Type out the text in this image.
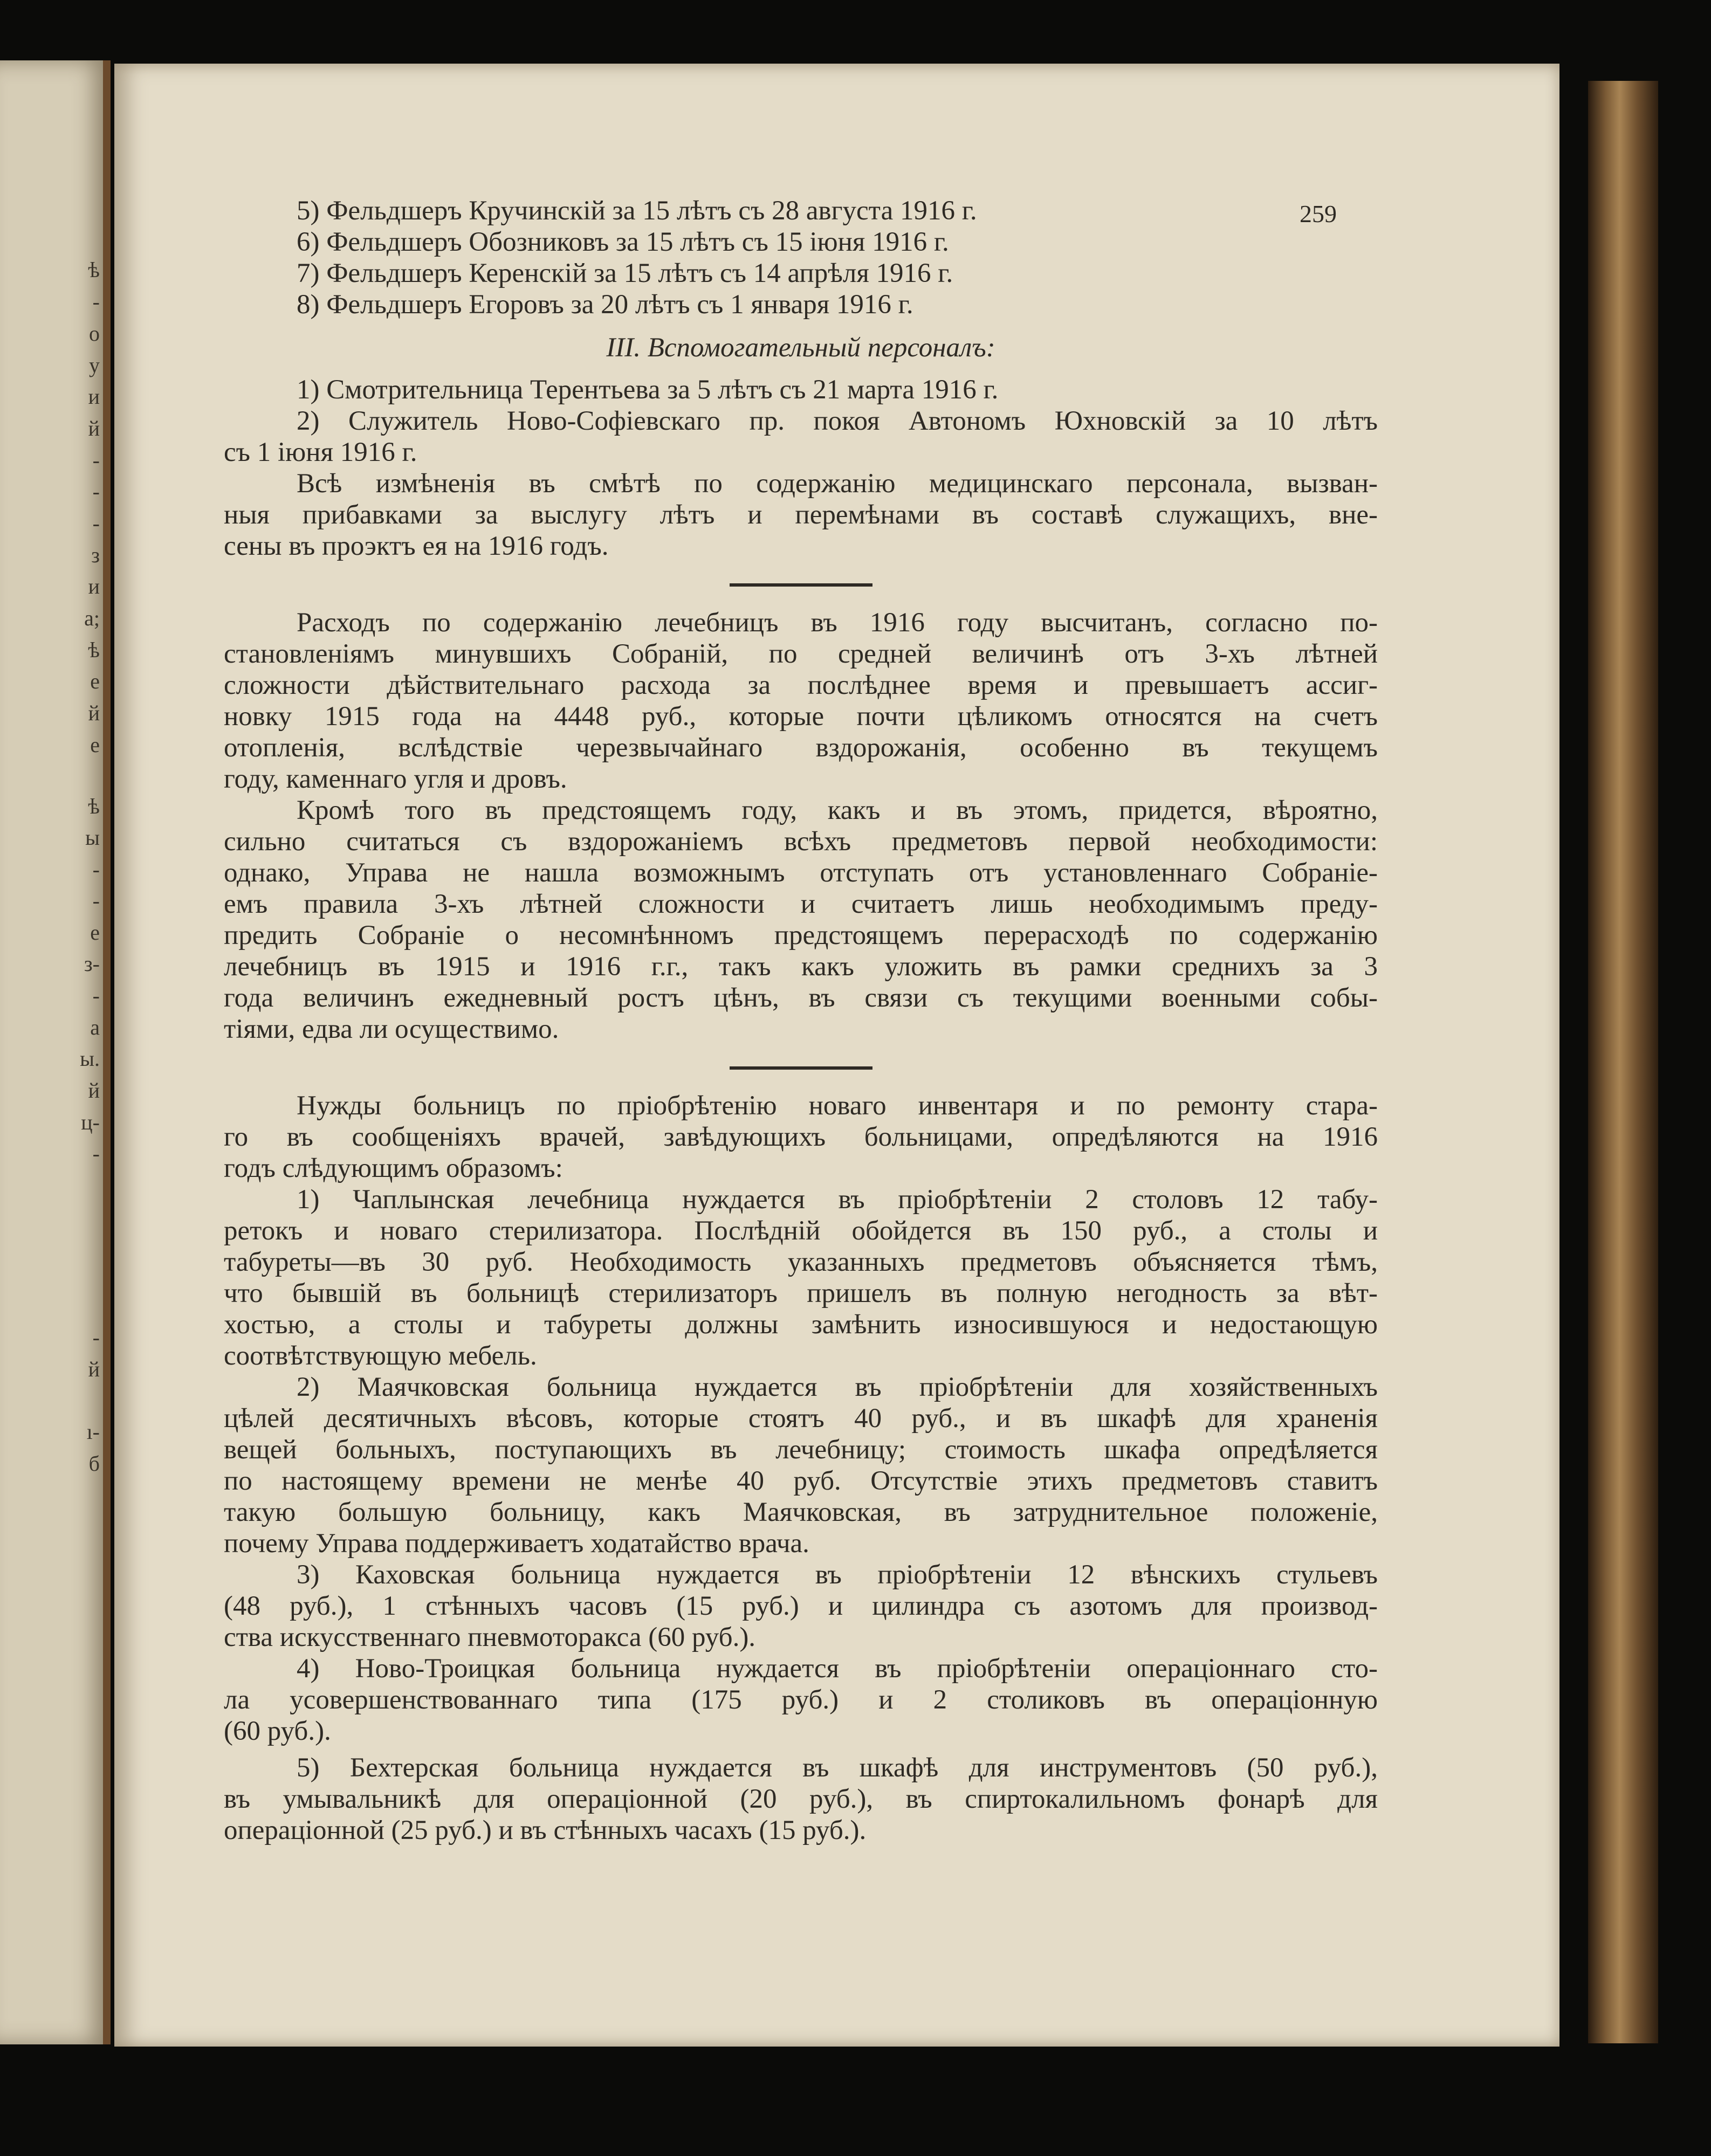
ѣ
-
о
у
и
й
-
-
-
з
и
а;
ѣ
е
й
е
ѣ
ы
-
-
е
з-
-
а
ы.
й
ц-
-
-
й
ı-
б
259
5) Фельдшеръ Кручинскій за 15 лѣтъ съ 28 августа 1916 г.
6) Фельдшеръ Обозниковъ за 15 лѣтъ съ 15 іюня 1916 г.
7) Фельдшеръ Керенскій за 15 лѣтъ съ 14 апрѣля 1916 г.
8) Фельдшеръ Егоровъ за 20 лѣтъ съ 1 января 1916 г.
III. Вспомогательный персоналъ:
1) Смотрительница Терентьева за 5 лѣтъ съ 21 марта 1916 г.
2) Служитель Ново-Софіевскаго пр. покоя Автономъ Юхновскій за 10 лѣтъ
съ 1 іюня 1916 г.
Всѣ измѣненія въ смѣтѣ по содержанію медицинскаго персонала, вызван-
ныя прибавками за выслугу лѣтъ и перемѣнами въ составѣ служащихъ, вне-
сены въ проэктъ ея на 1916 годъ.
Расходъ по содержанію лечебницъ въ 1916 году высчитанъ, согласно по-
становленіямъ минувшихъ Собраній, по средней величинѣ отъ 3-хъ лѣтней
сложности дѣйствительнаго расхода за послѣднее время и превышаетъ ассиг-
новку 1915 года на 4448 руб., которые почти цѣликомъ относятся на счетъ
отопленія, вслѣдствіе черезвычайнаго вздорожанія, особенно въ текущемъ
году, каменнаго угля и дровъ.
Кромѣ того въ предстоящемъ году, какъ и въ этомъ, придется, вѣроятно,
сильно считаться съ вздорожаніемъ всѣхъ предметовъ первой необходимости:
однако, Управа не нашла возможнымъ отступать отъ установленнаго Собраніе-
емъ правила 3-хъ лѣтней сложности и считаетъ лишь необходимымъ преду-
предить Собраніе о несомнѣнномъ предстоящемъ перерасходѣ по содержанію
лечебницъ въ 1915 и 1916 г.г., такъ какъ уложить въ рамки среднихъ за 3
года величинъ ежедневный ростъ цѣнъ, въ связи съ текущими военными собы-
тіями, едва ли осуществимо.
Нужды больницъ по пріобрѣтенію новаго инвентаря и по ремонту стара-
го въ сообщеніяхъ врачей, завѣдующихъ больницами, опредѣляются на 1916
годъ слѣдующимъ образомъ:
1) Чаплынская лечебница нуждается въ пріобрѣтеніи 2 столовъ 12 табу-
ретокъ и новаго стерилизатора. Послѣдній обойдется въ 150 руб., а столы и
табуреты—въ 30 руб. Необходимость указанныхъ предметовъ объясняется тѣмъ,
что бывшій въ больницѣ стерилизаторъ пришелъ въ полную негодность за вѣт-
хостью, а столы и табуреты должны замѣнить износившуюся и недостающую
соотвѣтствующую мебель.
2) Маячковская больница нуждается въ пріобрѣтеніи для хозяйственныхъ
цѣлей десятичныхъ вѣсовъ, которые стоятъ 40 руб., и въ шкафѣ для храненія
вещей больныхъ, поступающихъ въ лечебницу; стоимость шкафа опредѣляется
по настоящему времени не менѣе 40 руб. Отсутствіе этихъ предметовъ ставитъ
такую большую больницу, какъ Маячковская, въ затруднительное положеніе,
почему Управа поддерживаетъ ходатайство врача.
3) Каховская больница нуждается въ пріобрѣтеніи 12 вѣнскихъ стульевъ
(48 руб.), 1 стѣнныхъ часовъ (15 руб.) и цилиндра съ азотомъ для производ-
ства искусственнаго пневмоторакса (60 руб.).
4) Ново-Троицкая больница нуждается въ пріобрѣтеніи операціоннаго сто-
ла усовершенствованнаго типа (175 руб.) и 2 столиковъ въ операціонную
(60 руб.).
5) Бехтерская больница нуждается въ шкафѣ для инструментовъ (50 руб.),
въ умывальникѣ для операціонной (20 руб.), въ спиртокалильномъ фонарѣ для
операціонной (25 руб.) и въ стѣнныхъ часахъ (15 руб.).
